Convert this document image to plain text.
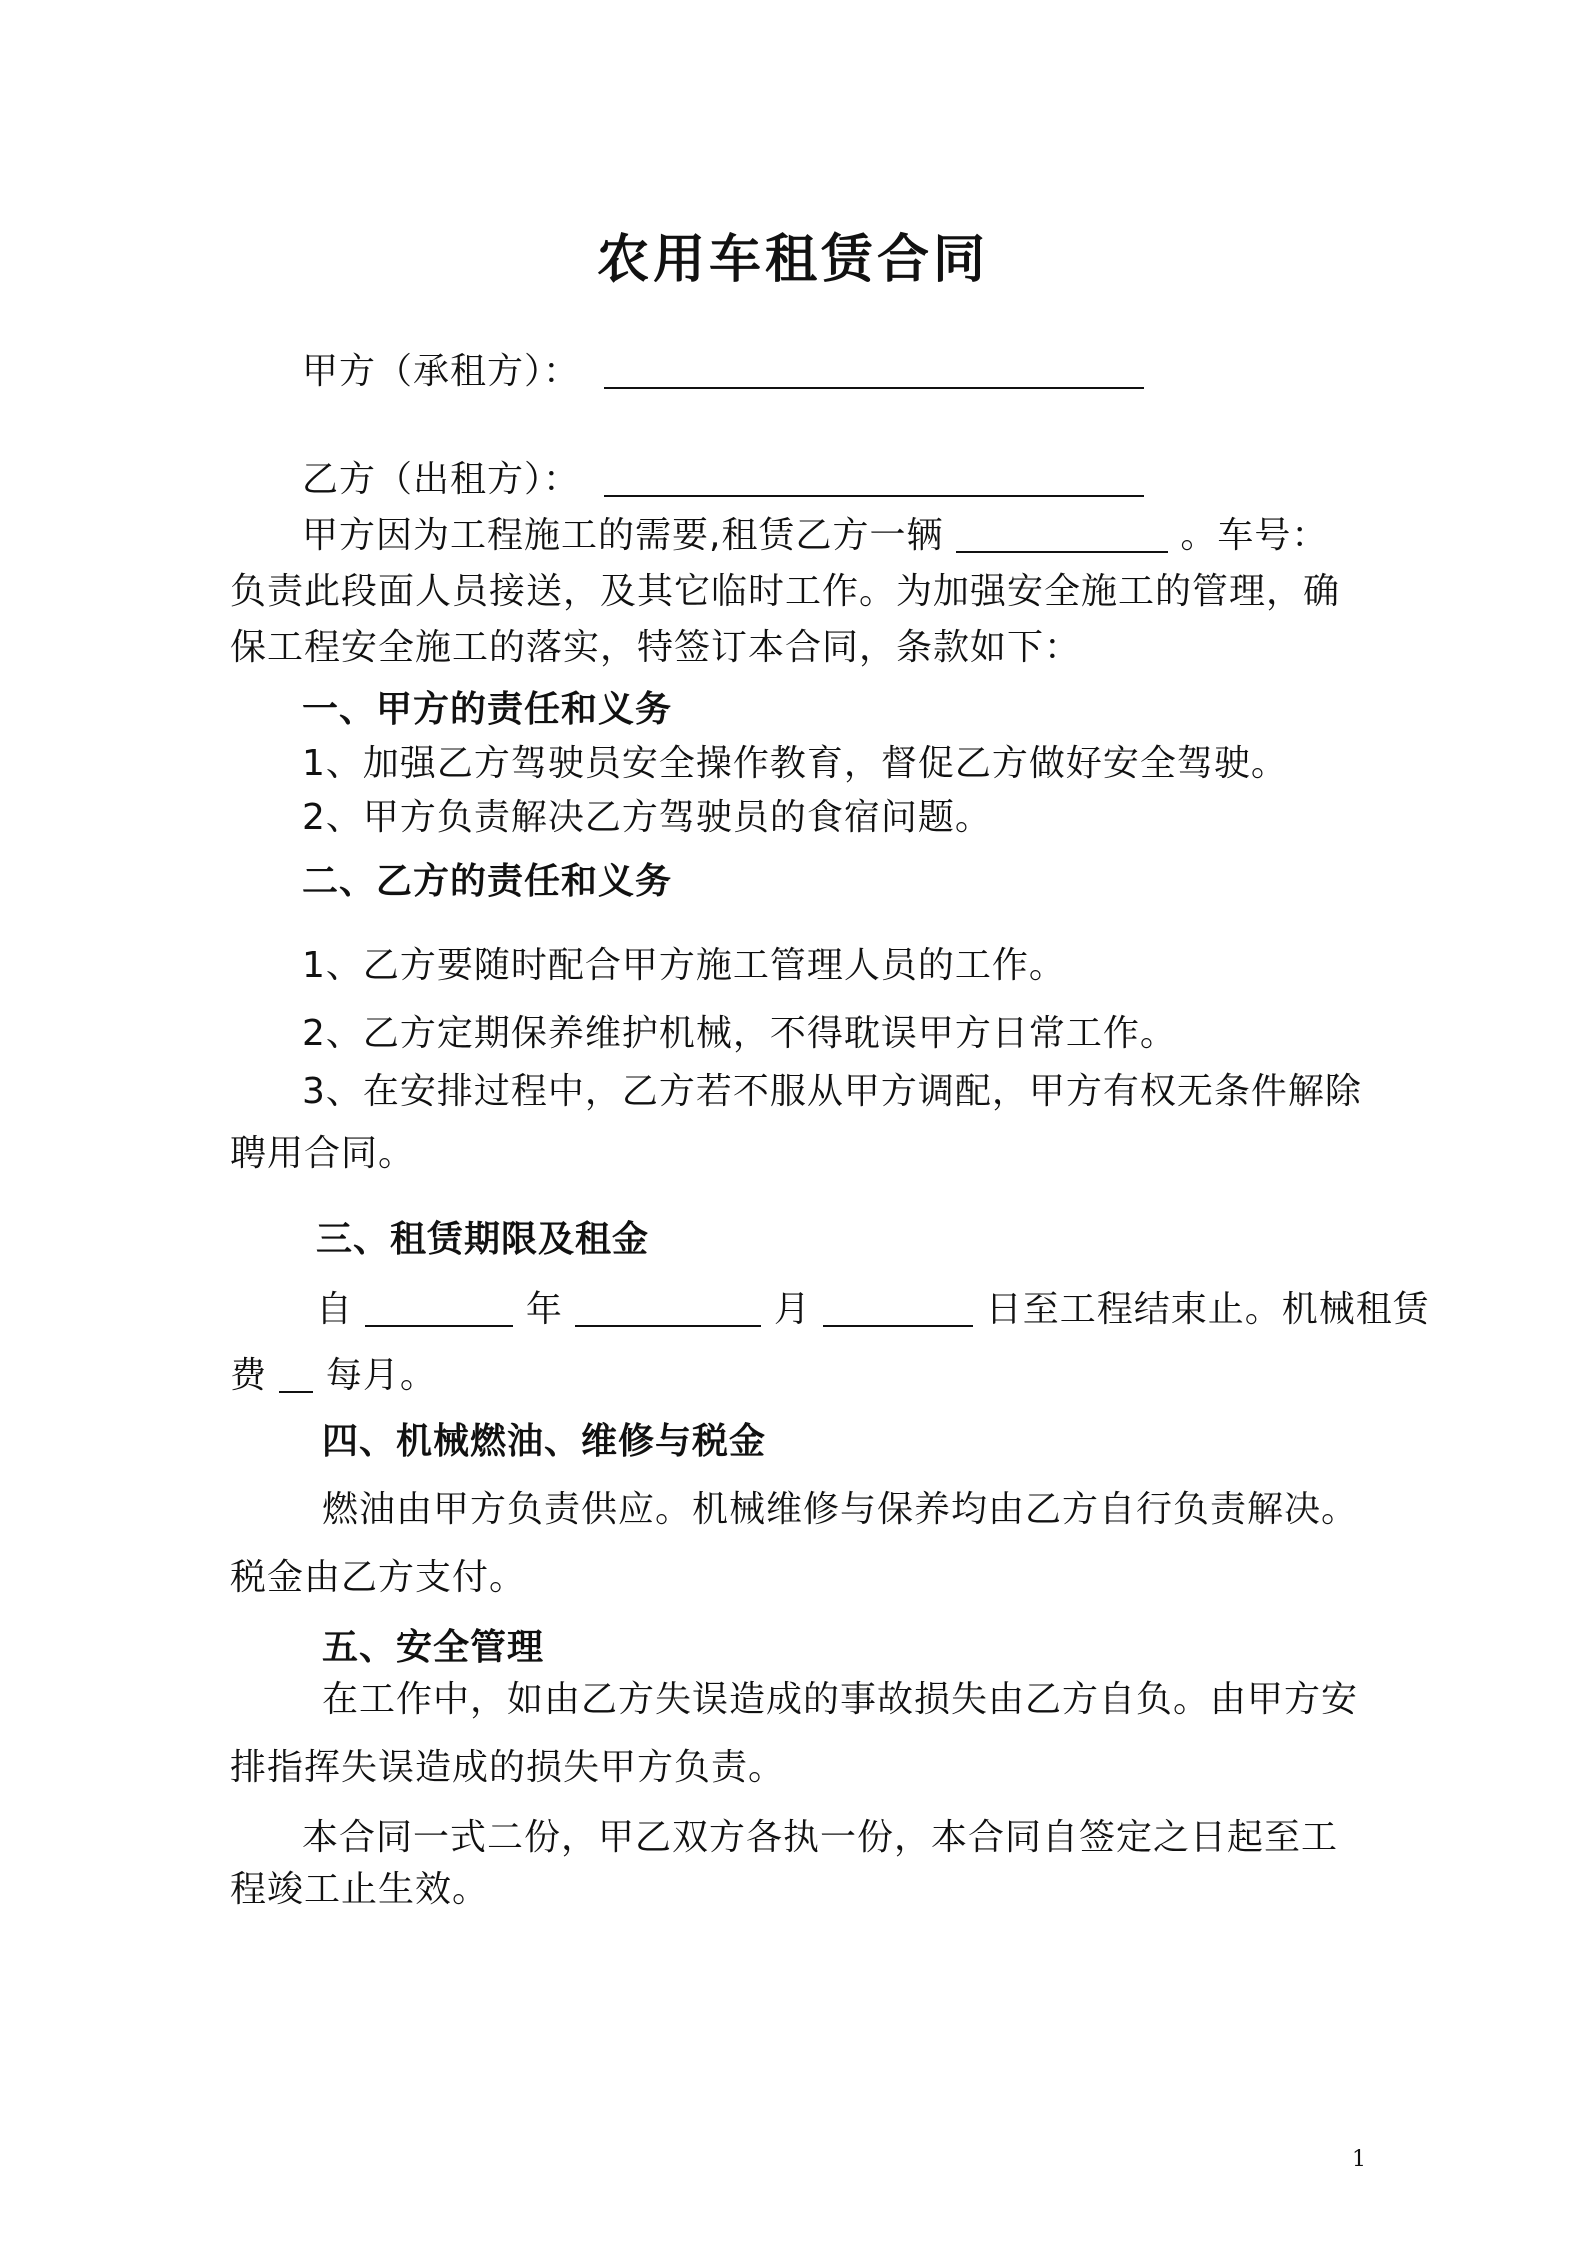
农用车租赁合同
甲方（承租方）：
乙方（出租方）：
甲方因为工程施工的需要,租赁乙方一辆	。车号：
负责此段面人员接送，及其它临时工作。为加强安全施工的管理，确
保工程安全施工的落实，特签订本合同，条款如下：
一、甲方的责任和义务
1、加强乙方驾驶员安全操作教育，督促乙方做好安全驾驶。
2、甲方负责解决乙方驾驶员的食宿问题。
二、乙方的责任和义务
1、乙方要随时配合甲方施工管理人员的工作。
2、乙方定期保养维护机械，不得耽误甲方日常工作。
3、在安排过程中，乙方若不服从甲方调配，甲方有权无条件解除
聘用合同。
三、租赁期限及租金
自	年	月	日至工程结束止。机械租赁
费 每月。
四、机械燃油、维修与税金
燃油由甲方负责供应。机械维修与保养均由乙方自行负责解决。
税金由乙方支付。
五、安全管理
在工作中，如由乙方失误造成的事故损失由乙方自负。由甲方安
排指挥失误造成的损失甲方负责。
本合同一式二份，甲乙双方各执一份，本合同自签定之日起至工
程竣工止生效。
1
